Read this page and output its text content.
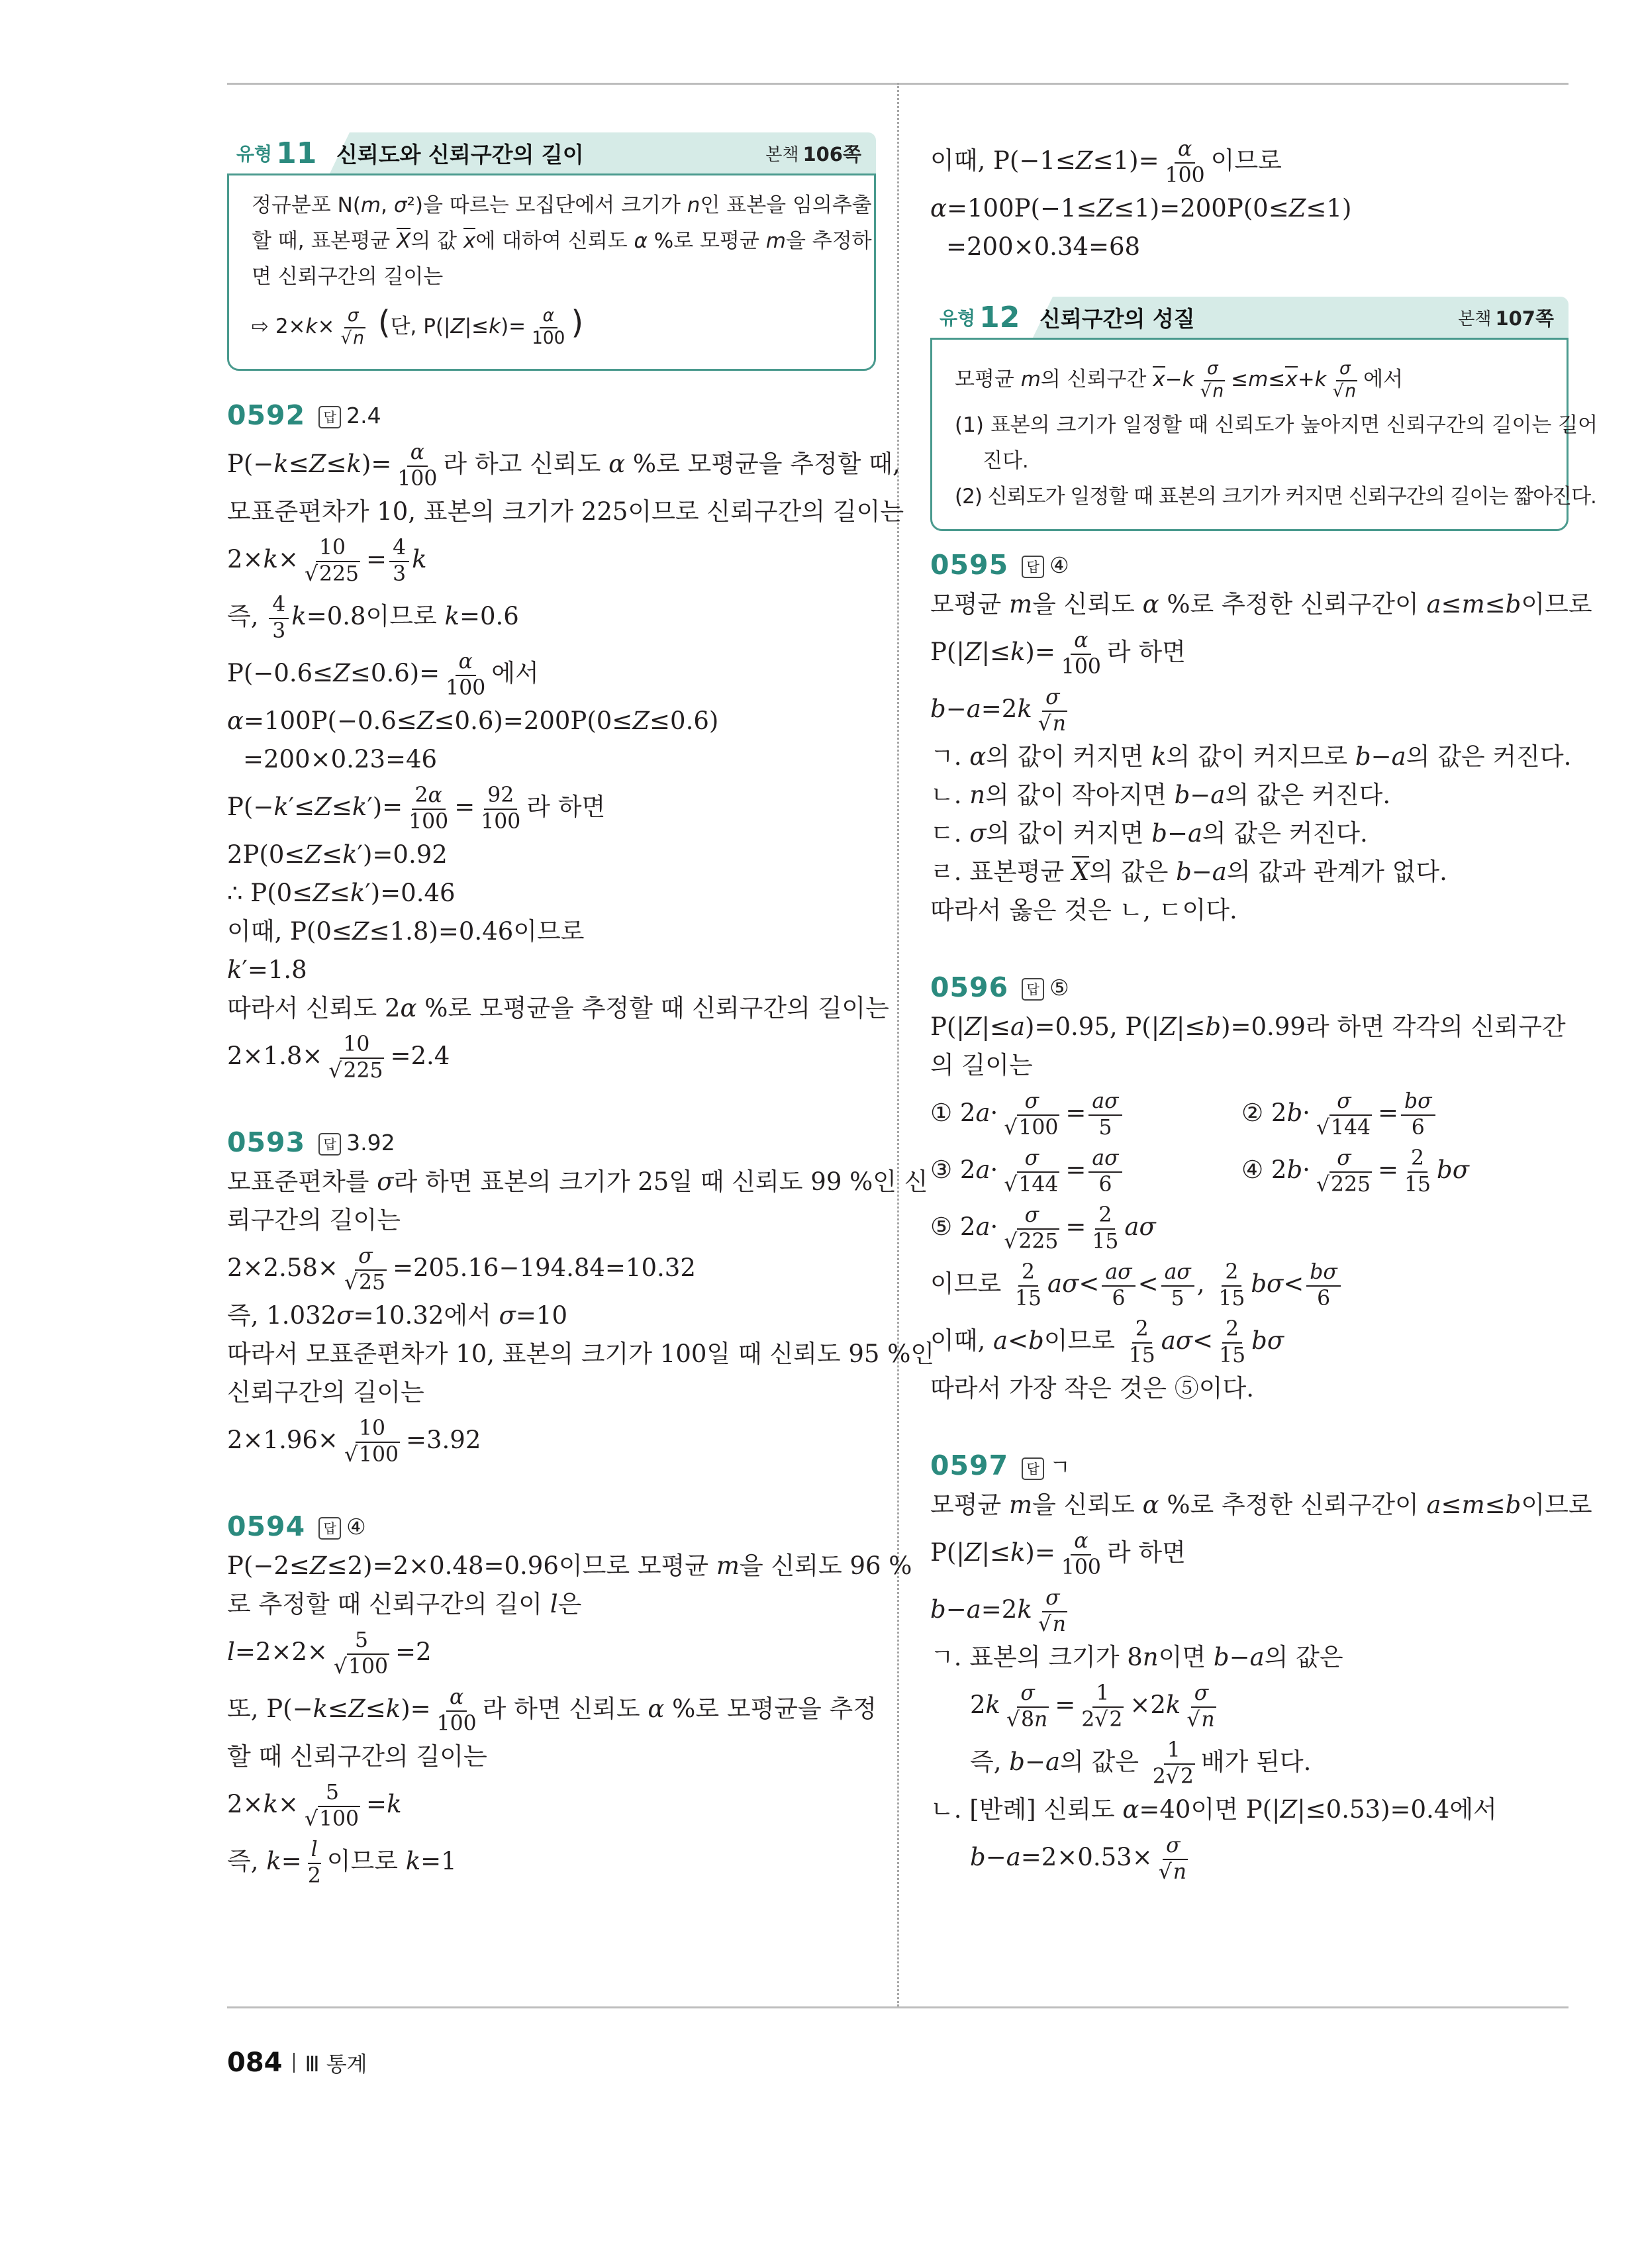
유형 11 신뢰도와 신뢰구간의 길이	본책 106쪽
정규분포 N(m, σ²)을 따르는 모집단에서 크기가 n인 표본을 임의추출
할 때, 표본평균 X의 값 x에 대하여 신뢰도 α %로 모평균 m을 추정하
면 신뢰구간의 길이는
⇨ $2\times k\times \frac{\sigma}{√n}$ (단, $P(|Z|\le k)= \frac{\alpha}{100}$ )
0592	답 2.4
$P(-k\le Z\le k)= \frac{\alpha}{100}$ 라 하고 신뢰도 α %로 모평균을 추정할 때,
모표준편차가 10, 표본의 크기가 225이므로 신뢰구간의 길이는
$2\times k\times \frac{10}{√225} = \frac{4}{3}$ k
즉, $\frac{4}{3} k=0.8$이므로 k=0.6
$P(-0.6\le Z\le 0.6)= \frac{\alpha}{100}$ 에서
α=100P(−0.6≤Z≤0.6)=200P(0≤Z≤0.6)
=200×0.23=46
$P(-k'\le Z\le k')= \frac{2\alpha}{100} = \frac{92}{100}$ 라 하면
2P(0≤Z≤k′)=0.92
∴ P(0≤Z≤k′)=0.46
이때, P(0≤Z≤1.8)=0.46이므로
k′=1.8
따라서 신뢰도 2α %로 모평균을 추정할 때 신뢰구간의 길이는
$2\times 1.8\times \frac{10}{√225} =2.4$
0593	답 3.92
모표준편차를 σ라 하면 표본의 크기가 25일 때 신뢰도 99 %인 신
뢰구간의 길이는
$2\times 2.58\times \frac{\sigma}{√25} =205.16-194.84=10.32$
즉, 1.032σ=10.32에서 σ=10
따라서 모표준편차가 10, 표본의 크기가 100일 때 신뢰도 95 %인
신뢰구간의 길이는
$2\times 1.96\times \frac{10}{√100} =3.92$
0594	답 ④
P(−2≤Z≤2)=2×0.48=0.96이므로 모평균 m을 신뢰도 96 %
로 추정할 때 신뢰구간의 길이 l은
$l=2\times 2\times \frac{5}{√100} =2$
또, $P(-k\le Z\le k)= \frac{\alpha}{100}$ 라 하면 신뢰도 α %로 모평균을 추정
할 때 신뢰구간의 길이는
$2\times k\times \frac{5}{√100} =k$
즉, $k= \frac{l}{2}$ 이므로 k=1
이때, $P(-1\le Z\le 1)= \frac{\alpha}{100}$ 이므로
α=100P(−1≤Z≤1)=200P(0≤Z≤1)
=200×0.34=68
유형 12 신뢰구간의 성질	본책 107쪽
모평균 m의 신뢰구간 $x-k \frac{\sigma}{√n} \le m\le x+k \frac{\sigma}{√n}$ 에서
(1) 표본의 크기가 일정할 때 신뢰도가 높아지면 신뢰구간의 길이는 길어
진다.
(2) 신뢰도가 일정할 때 표본의 크기가 커지면 신뢰구간의 길이는 짧아진다.
0595	답 ④
모평균 m을 신뢰도 α %로 추정한 신뢰구간이 a≤m≤b이므로
$P(|Z|\le k)= \frac{\alpha}{100}$ 라 하면
$b-a=2k \frac{\sigma}{√n}$
ㄱ. α의 값이 커지면 k의 값이 커지므로 b−a의 값은 커진다.
ㄴ. n의 값이 작아지면 b−a의 값은 커진다.
ㄷ. σ의 값이 커지면 b−a의 값은 커진다.
ㄹ. 표본평균 X의 값은 b−a의 값과 관계가 없다.
따라서 옳은 것은 ㄴ, ㄷ이다.
0596	답 ⑤
P(|Z|≤a)=0.95, P(|Z|≤b)=0.99라 하면 각각의 신뢰구간
의 길이는
① $2a\cdot \frac{\sigma}{√100} = \frac{a\sigma}{5}$	② $2b\cdot \frac{\sigma}{√144} = \frac{b\sigma}{6}$
③ $2a\cdot \frac{\sigma}{√144} = \frac{a\sigma}{6}$	④ $2b\cdot \frac{\sigma}{√225} = \frac{2}{15}$ bσ
⑤ $2a\cdot \frac{\sigma}{√225} = \frac{2}{15}$ aσ
이므로 $\frac{2}{15} a\sigma< \frac{a\sigma}{6} < \frac{a\sigma}{5}$ , $\frac{2}{15} b\sigma< \frac{b\sigma}{6}$
이때, a<b이므로 $\frac{2}{15} a\sigma< \frac{2}{15}$ bσ
따라서 가장 작은 것은 ⑤이다.
0597	답 ㄱ
모평균 m을 신뢰도 α %로 추정한 신뢰구간이 a≤m≤b이므로
$P(|Z|\le k)= \frac{\alpha}{100}$ 라 하면
$b-a=2k \frac{\sigma}{√n}$
ㄱ. 표본의 크기가 8n이면 b−a의 값은
$2k \frac{\sigma}{√8n} = \frac{1}{2√2} \times 2k \frac{\sigma}{√n}$
즉, b−a의 값은 $\frac{1}{2√2}$ 배가 된다.
ㄴ. [반례] 신뢰도 α=40이면 P(|Z|≤0.53)=0.4에서
$b-a=2\times 0.53\times \frac{\sigma}{√n}$
084 Ⅲ 통계
